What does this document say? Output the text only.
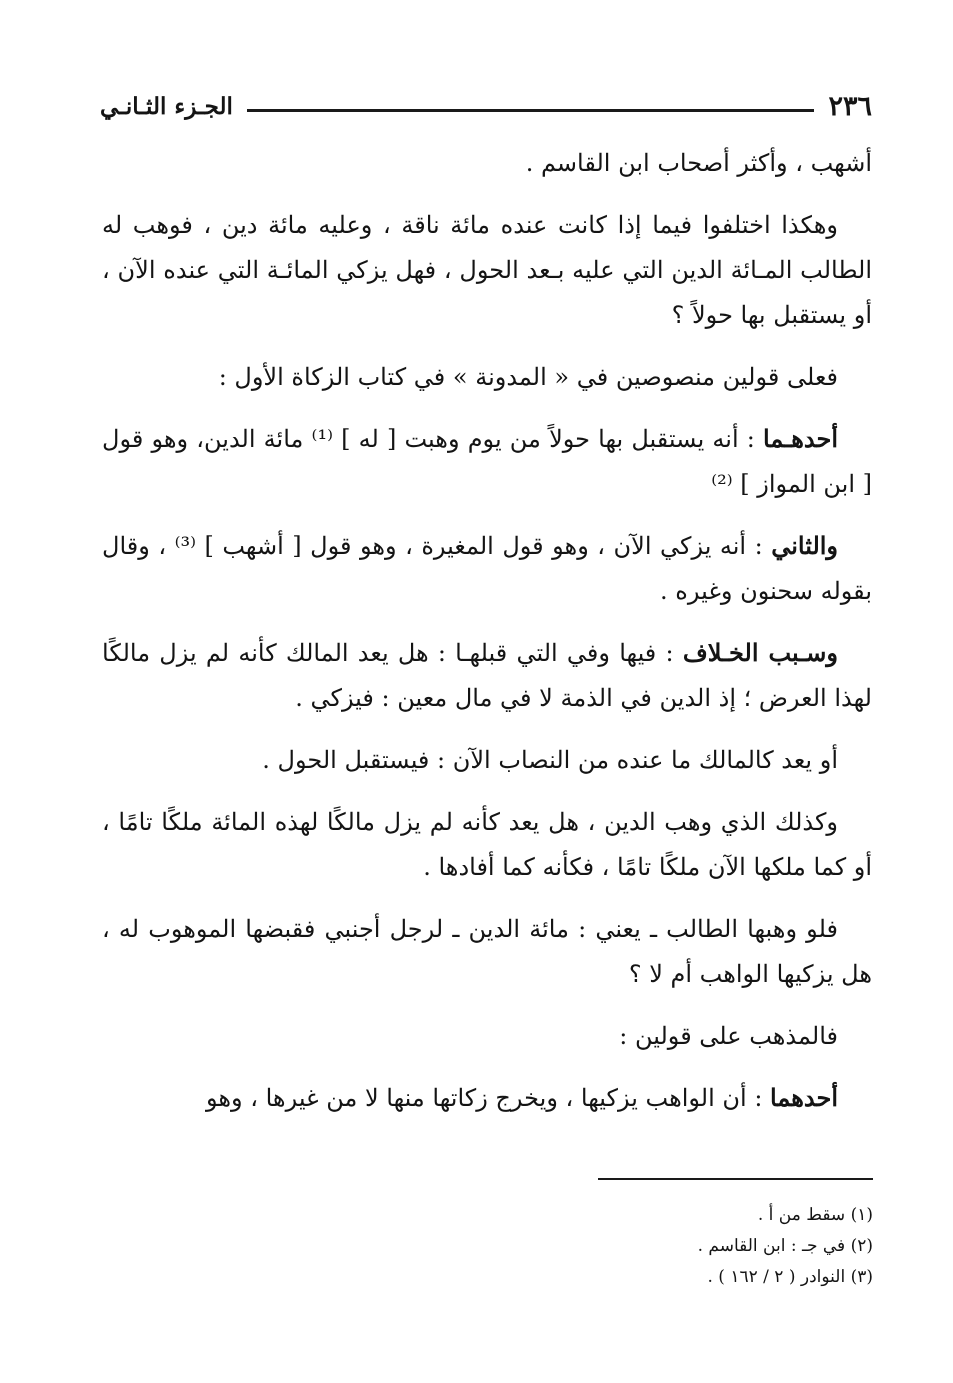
٢٣٦
الجـزء الثـانـي

أشهب ، وأكثر أصحاب ابن القاسم .

وهكذا اختلفوا فيما إذا كانت عنده مائة ناقة ، وعليه مائة دين ، فوهب له الطالب المـائة الدين التي عليه بـعد الحول ، فهل يزكي المائـة التي عنده الآن ، أو يستقبل بها حولاً ؟

فعلى قولين منصوصين في « المدونة » في كتاب الزكاة الأول :

أحدهـما : أنه يستقبل بها حولاً من يوم وهبت [ له ] ⁽¹⁾ مائة الدين، وهو قول [ ابن المواز ] ⁽²⁾

والثاني : أنه يزكي الآن ، وهو قول المغيرة ، وهو قول [ أشهب ] ⁽³⁾ ، وقال بقوله سحنون وغيره .

وسـبب الخـلاف : فيها وفي التي قبلهـا : هل يعد المالك كأنه لم يزل مالكًا لهذا العرض ؛ إذ الدين في الذمة لا في مال معين : فيزكي .

أو يعد كالمالك ما عنده من النصاب الآن : فيستقبل الحول .

وكذلك الذي وهب الدين ، هل يعد كأنه لم يزل مالكًا لهذه المائة ملكًا تامًا ، أو كما ملكها الآن ملكًا تامًا ، فكأنه كما أفادها .

فلو وهبها الطالب ـ يعني : مائة الدين ـ لرجل أجنبي فقبضها الموهوب له ، هل يزكيها الواهب أم لا ؟

فالمذهب على قولين :

أحدهما : أن الواهب يزكيها ، ويخرج زكاتها منها لا من غيرها ، وهو

(١) سقط من أ .

(٢) في جـ : ابن القاسم .

(٣) النوادر ( ٢ / ١٦٢ ) .
